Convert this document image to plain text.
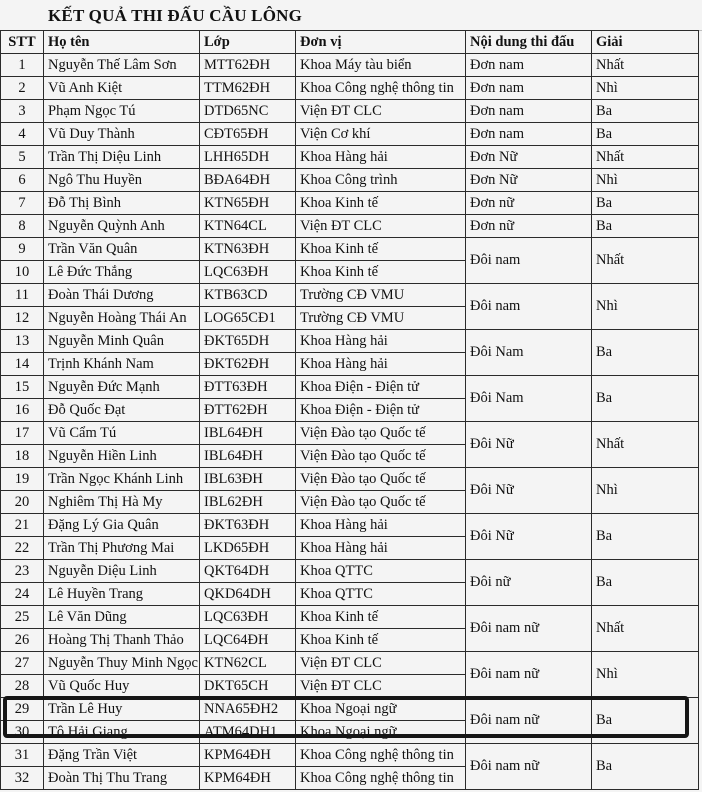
KẾT QUẢ THI ĐẤU CẦU LÔNG
STT	Họ tên	Lớp	Đơn vị	Nội dung thi đấu	Giải
1	Nguyễn Thế Lâm Sơn	MTT62ĐH	Khoa Máy tàu biển	Đơn nam	Nhất
2	Vũ Anh Kiệt	TTM62ĐH	Khoa Công nghệ thông tin	Đơn nam	Nhì
3	Phạm Ngọc Tú	DTD65NC	Viện ĐT CLC	Đơn nam	Ba
4	Vũ Duy Thành	CĐT65ĐH	Viện Cơ khí	Đơn nam	Ba
5	Trần Thị Diệu Linh	LHH65DH	Khoa Hàng hải	Đơn Nữ	Nhất
6	Ngô Thu Huyền	BĐA64ĐH	Khoa Công trình	Đơn Nữ	Nhì
7	Đỗ Thị Bình	KTN65ĐH	Khoa Kinh tế	Đơn nữ	Ba
8	Nguyễn Quỳnh Anh	KTN64CL	Viện ĐT CLC	Đơn nữ	Ba
9	Trần Văn Quân	KTN63ĐH	Khoa Kinh tế	Đôi nam	Nhất
10	Lê Đức Thắng	LQC63ĐH	Khoa Kinh tế		
11	Đoàn Thái Dương	KTB63CD	Trường CĐ VMU	Đôi nam	Nhì
12	Nguyễn Hoàng Thái An	LOG65CĐ1	Trường CĐ VMU		
13	Nguyễn Minh Quân	ĐKT65DH	Khoa Hàng hải	Đôi Nam	Ba
14	Trịnh Khánh Nam	ĐKT62ĐH	Khoa Hàng hải		
15	Nguyễn Đức Mạnh	ĐTT63ĐH	Khoa Điện - Điện tử	Đôi Nam	Ba
16	Đỗ Quốc Đạt	ĐTT62ĐH	Khoa Điện - Điện tử		
17	Vũ Cẩm Tú	IBL64ĐH	Viện Đào tạo Quốc tế	Đôi Nữ	Nhất
18	Nguyễn Hiền Linh	IBL64ĐH	Viện Đào tạo Quốc tế		
19	Trần Ngọc Khánh Linh	IBL63ĐH	Viện Đào tạo Quốc tế	Đôi Nữ	Nhì
20	Nghiêm Thị Hà My	IBL62ĐH	Viện Đào tạo Quốc tế		
21	Đặng Lý Gia Quân	ĐKT63ĐH	Khoa Hàng hải	Đôi Nữ	Ba
22	Trần Thị Phương Mai	LKD65ĐH	Khoa Hàng hải		
23	Nguyễn Diệu Linh	QKT64DH	Khoa QTTC	Đôi nữ	Ba
24	Lê Huyền Trang	QKD64DH	Khoa QTTC		
25	Lê Văn Dũng	LQC63ĐH	Khoa Kinh tế	Đôi nam nữ	Nhất
26	Hoàng Thị Thanh Thảo	LQC64ĐH	Khoa Kinh tế		
27	Nguyễn Thuy Minh Ngọc	KTN62CL	Viện ĐT CLC	Đôi nam nữ	Nhì
28	Vũ Quốc Huy	DKT65CH	Viện ĐT CLC		
29	Trần Lê Huy	NNA65ĐH2	Khoa Ngoại ngữ	Đôi nam nữ	Ba
30	Tô Hải Giang	ATM64DH1	Khoa Ngoại ngữ		
31	Đặng Trần Việt	KPM64ĐH	Khoa Công nghệ thông tin	Đôi nam nữ	Ba
32	Đoàn Thị Thu Trang	KPM64ĐH	Khoa Công nghệ thông tin		
